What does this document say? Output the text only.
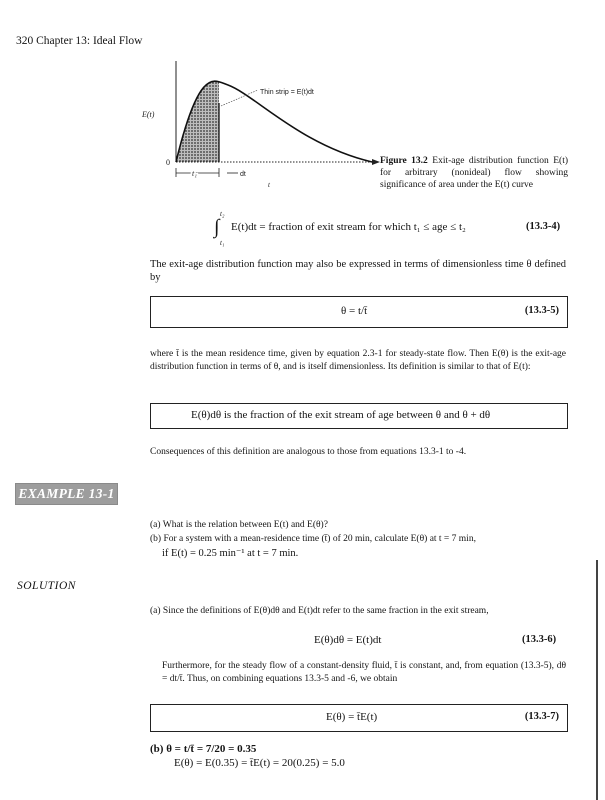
320 Chapter 13: Ideal Flow
E(t)
0
Thin strip = E(t)dt
t₁	dt
t
Figure 13.2 Exit-age distribution function E(t) for arbitrary (nonideal) flow showing significance of area under the E(t) curve
t₂
∫
t₁
E(t)dt = fraction of exit stream for which t₁ ≤ age ≤ t₂	(13.3-4)
The exit-age distribution function may also be expressed in terms of dimensionless time θ defined by
θ = t/t̄	(13.3-5)
where t̄ is the mean residence time, given by equation 2.3-1 for steady-state flow. Then E(θ) is the exit-age distribution function in terms of θ, and is itself dimensionless. Its definition is similar to that of E(t):
E(θ)dθ is the fraction of the exit stream of age between θ and θ + dθ
Consequences of this definition are analogous to those from equations 13.3-1 to -4.
EXAMPLE 13-1
(a) What is the relation between E(t) and E(θ)?
(b) For a system with a mean-residence time (t̄) of 20 min, calculate E(θ) at t = 7 min,
if E(t) = 0.25 min⁻¹ at t = 7 min.
SOLUTION
(a) Since the definitions of E(θ)dθ and E(t)dt refer to the same fraction in the exit stream,
E(θ)dθ = E(t)dt	(13.3-6)
Furthermore, for the steady flow of a constant-density fluid, t̄ is constant, and, from equation (13.3-5), dθ = dt/t̄. Thus, on combining equations 13.3-5 and -6, we obtain
E(θ) = t̄E(t)	(13.3-7)
(b) θ = t/t̄ = 7/20 = 0.35
E(θ) = E(0.35) = t̄E(t) = 20(0.25) = 5.0
